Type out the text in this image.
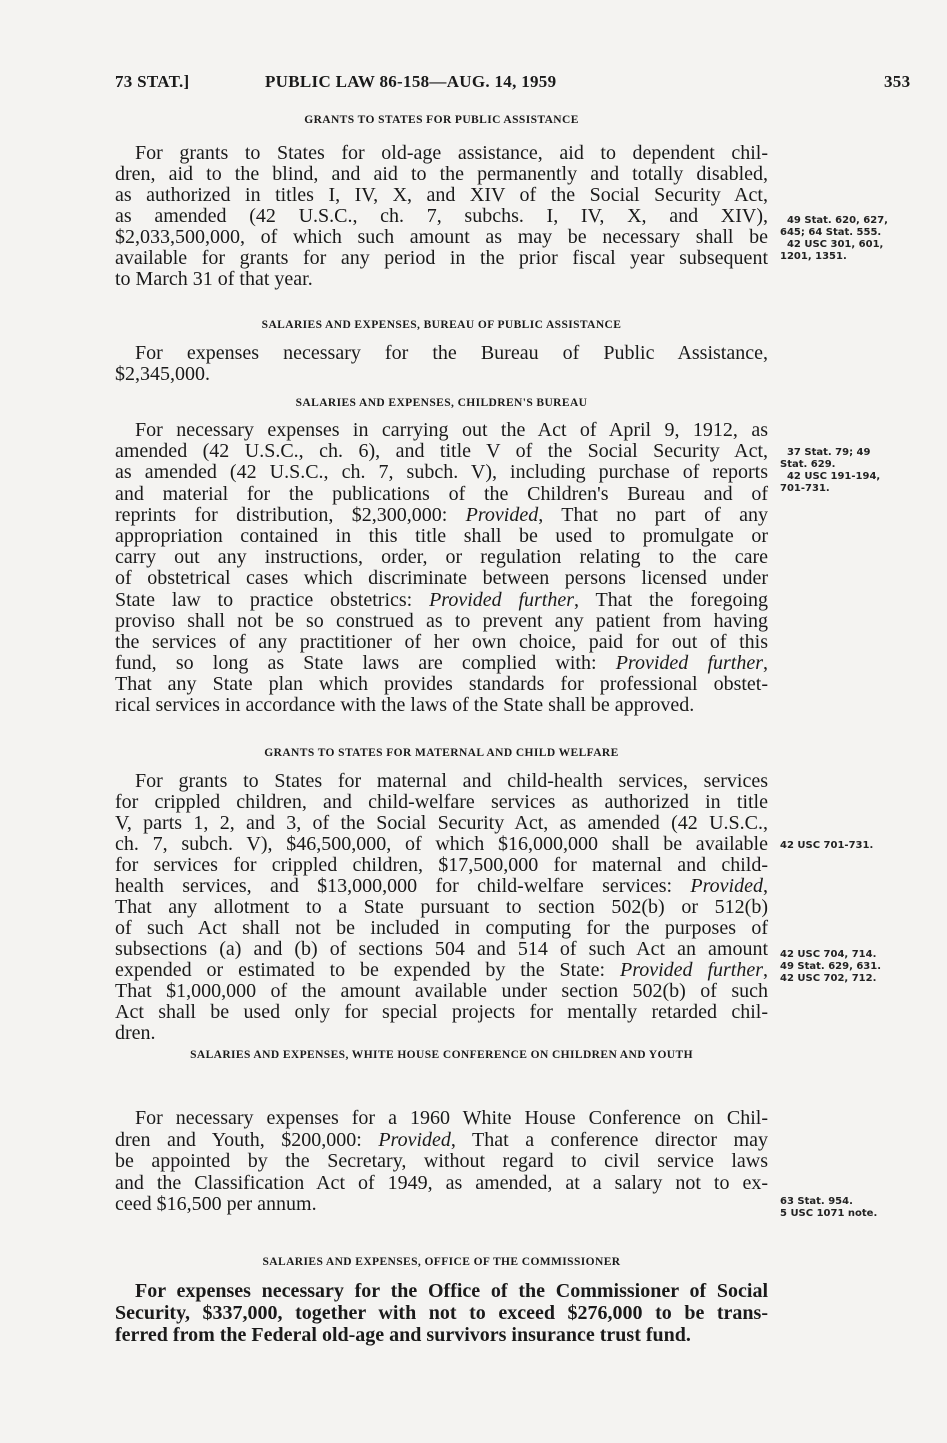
73 STAT.]	PUBLIC LAW 86-158—AUG. 14, 1959	353
GRANTS TO STATES FOR PUBLIC ASSISTANCE
For grants to States for old-age assistance, aid to dependent chil-
dren, aid to the blind, and aid to the permanently and totally disabled,
as authorized in titles I, IV, X, and XIV of the Social Security Act,
as amended (42 U.S.C., ch. 7, subchs. I, IV, X, and XIV),
$2,033,500,000, of which such amount as may be necessary shall be
available for grants for any period in the prior fiscal year subsequent
to March 31 of that year.
SALARIES AND EXPENSES, BUREAU OF PUBLIC ASSISTANCE
For expenses necessary for the Bureau of Public Assistance,
$2,345,000.
SALARIES AND EXPENSES, CHILDREN'S BUREAU
For necessary expenses in carrying out the Act of April 9, 1912, as
amended (42 U.S.C., ch. 6), and title V of the Social Security Act,
as amended (42 U.S.C., ch. 7, subch. V), including purchase of reports
and material for the publications of the Children's Bureau and of
reprints for distribution, $2,300,000: Provided, That no part of any
appropriation contained in this title shall be used to promulgate or
carry out any instructions, order, or regulation relating to the care
of obstetrical cases which discriminate between persons licensed under
State law to practice obstetrics: Provided further, That the foregoing
proviso shall not be so construed as to prevent any patient from having
the services of any practitioner of her own choice, paid for out of this
fund, so long as State laws are complied with: Provided further,
That any State plan which provides standards for professional obstet-
rical services in accordance with the laws of the State shall be approved.
GRANTS TO STATES FOR MATERNAL AND CHILD WELFARE
For grants to States for maternal and child-health services, services
for crippled children, and child-welfare services as authorized in title
V, parts 1, 2, and 3, of the Social Security Act, as amended (42 U.S.C.,
ch. 7, subch. V), $46,500,000, of which $16,000,000 shall be available
for services for crippled children, $17,500,000 for maternal and child-
health services, and $13,000,000 for child-welfare services: Provided,
That any allotment to a State pursuant to section 502(b) or 512(b)
of such Act shall not be included in computing for the purposes of
subsections (a) and (b) of sections 504 and 514 of such Act an amount
expended or estimated to be expended by the State: Provided further,
That $1,000,000 of the amount available under section 502(b) of such
Act shall be used only for special projects for mentally retarded chil-
dren.
SALARIES AND EXPENSES, WHITE HOUSE CONFERENCE ON CHILDREN AND YOUTH
For necessary expenses for a 1960 White House Conference on Chil-
dren and Youth, $200,000: Provided, That a conference director may
be appointed by the Secretary, without regard to civil service laws
and the Classification Act of 1949, as amended, at a salary not to ex-
ceed $16,500 per annum.
SALARIES AND EXPENSES, OFFICE OF THE COMMISSIONER
For expenses necessary for the Office of the Commissioner of Social
Security, $337,000, together with not to exceed $276,000 to be trans-
ferred from the Federal old-age and survivors insurance trust fund.
49 Stat. 620, 627,
645; 64 Stat. 555.
42 USC 301, 601,
1201, 1351.
37 Stat. 79; 49
Stat. 629.
42 USC 191-194,
701-731.
42 USC 701-731.
42 USC 704, 714.
49 Stat. 629, 631.
42 USC 702, 712.
63 Stat. 954.
5 USC 1071 note.
